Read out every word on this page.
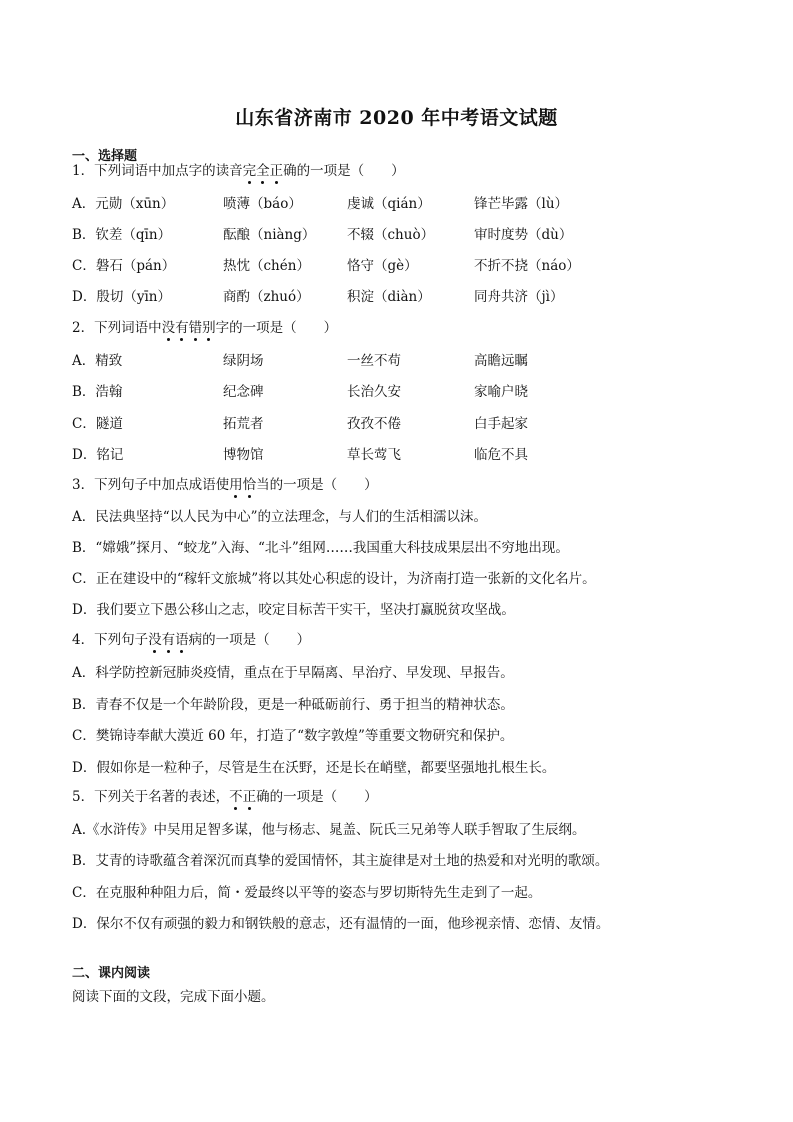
山东省济南市 2020 年中考语文试题
一、选择题
1．下列词语中加点字的读音完全正确的一项是（　　）
A．元勋（xūn）	喷薄（báo）	虔诚（qián）	锋芒毕露（lù）
B．钦差（qīn）	酝酿（niàng） 不辍（chuò）	审时度势（dù）
C．磐石（pán）	热忱（chén）	恪守（gè）	不折不挠（náo）
D．殷切（yīn）	商酌（zhuó）	积淀（diàn）	同舟共济（jì）
2．下列词语中没有错别字的一项是（　　）
A．精致	绿阴场	一丝不苟	高瞻远瞩
B．浩翰	纪念碑	长治久安	家喻户晓
C．隧道	拓荒者	孜孜不倦	白手起家
D．铭记	博物馆	草长莺飞	临危不具
3．下列句子中加点成语使用恰当的一项是（　　）
A．民法典坚持“以人民为中心”的立法理念，与人们的生活相濡以沫。
B．“嫦娥”探月、“蛟龙”入海、“北斗”组网……我国重大科技成果层出不穷地出现。
C．正在建设中的“稼轩文旅城”将以其处心积虑的设计，为济南打造一张新的文化名片。
D．我们要立下愚公移山之志，咬定目标苦干实干，坚决打赢脱贫攻坚战。
4．下列句子没有语病的一项是（　　）
A．科学防控新冠肺炎疫情，重点在于早隔离、早治疗、早发现、早报告。
B．青春不仅是一个年龄阶段，更是一种砥砺前行、勇于担当的精神状态。
C．樊锦诗奉献大漠近 60 年，打造了“数字敦煌”等重要文物研究和保护。
D．假如你是一粒种子，尽管是生在沃野，还是长在峭壁，都要坚强地扎根生长。
5．下列关于名著的表述，不正确的一项是（　　）
A.《水浒传》中吴用足智多谋，他与杨志、晁盖、阮氏三兄弟等人联手智取了生辰纲。
B．艾青的诗歌蕴含着深沉而真挚的爱国情怀，其主旋律是对土地的热爱和对光明的歌颂。
C．在克服种种阻力后，简・爱最终以平等的姿态与罗切斯特先生走到了一起。
D．保尔不仅有顽强的毅力和钢铁般的意志，还有温情的一面，他珍视亲情、恋情、友情。
二、课内阅读
阅读下面的文段，完成下面小题。
